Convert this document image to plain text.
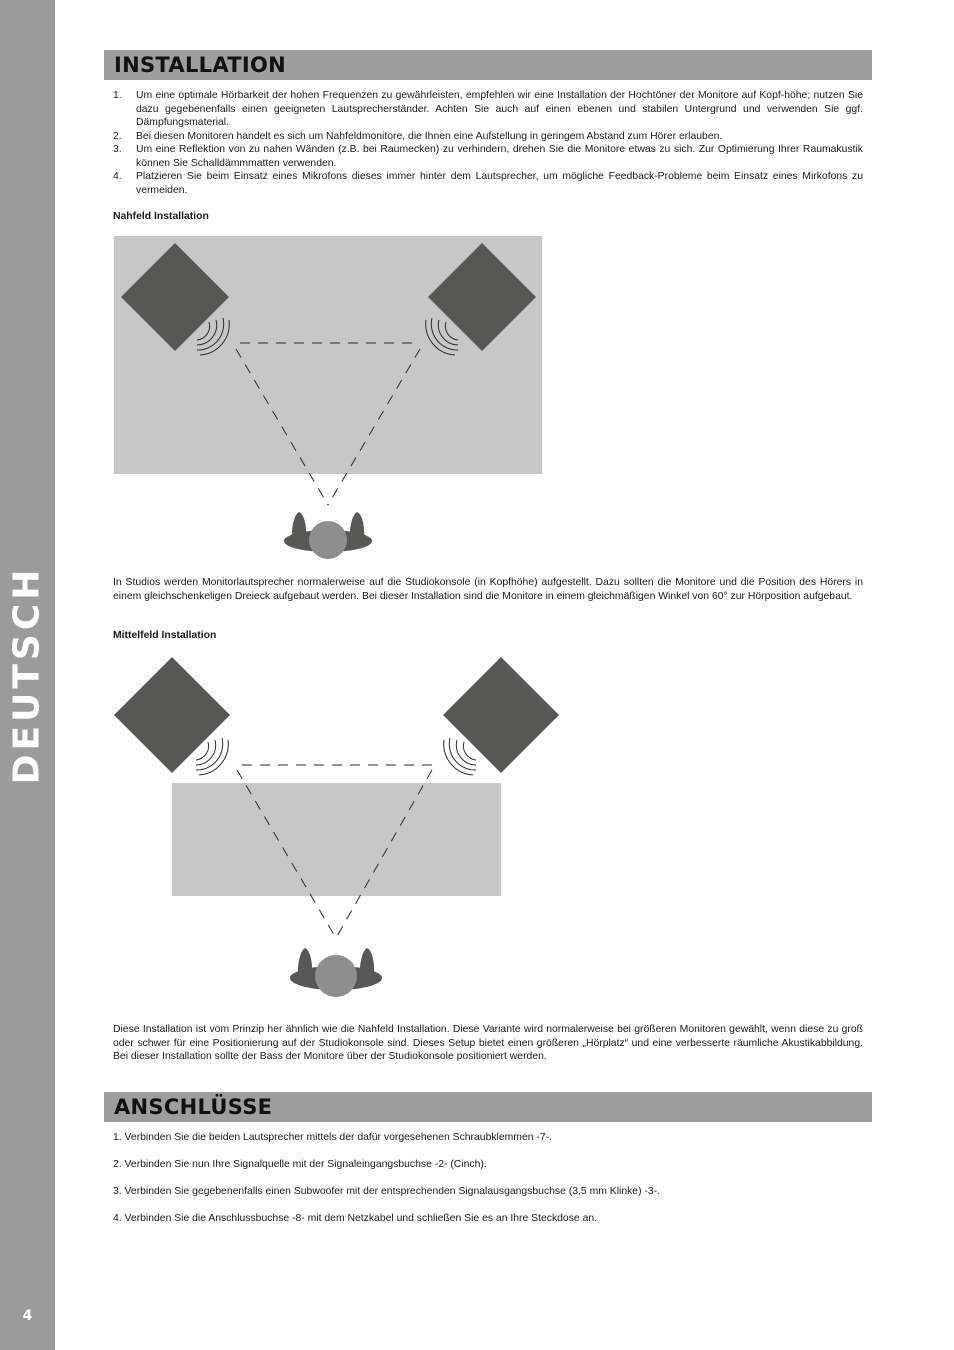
DEUTSCH
4
INSTALLATION
1. Um eine optimale Hörbarkeit der hohen Frequenzen zu gewährleisten, empfehlen wir eine Installation der Hochtöner der Monitore auf Kopf-höhe; nutzen Sie dazu gegebenenfalls einen geeigneten Lautsprecherständer. Achten Sie auch auf einen ebenen und stabilen Untergrund und verwenden Sie ggf. Dämpfungsmaterial.
2. Bei diesen Monitoren handelt es sich um Nahfeldmonitore, die Ihnen eine Aufstellung in geringem Abstand zum Hörer erlauben.
3. Um eine Reflektion von zu nahen Wänden (z.B. bei Raumecken) zu verhindern, drehen Sie die Monitore etwas zu sich. Zur Optimierung Ihrer Raumakustik können Sie Schalldämmmatten verwenden.
4. Platzieren Sie beim Einsatz eines Mikrofons dieses immer hinter dem Lautsprecher, um mögliche Feedback-Probleme beim Einsatz eines Mirkofons zu vermeiden.
Nahfeld Installation

In Studios werden Monitorlautsprecher normalerweise auf die Studiokonsole (in Kopfhöhe) aufgestellt. Dazu sollten die Monitore und die Position des Hörers in einem gleichschenkeligen Dreieck aufgebaut werden. Bei dieser Installation sind die Monitore in einem gleichmäßigen Winkel von 60° zur Hörposition aufgebaut.

Mittelfeld Installation

Diese Installation ist vom Prinzip her ähnlich wie die Nahfeld Installation. Diese Variante wird normalerweise bei größeren Monitoren gewählt, wenn diese zu groß oder schwer für eine Positionierung auf der Studiokonsole sind. Dieses Setup bietet einen größeren „Hörplatz“ und eine verbesserte räumliche Akustikabbildung. Bei dieser Installation sollte der Bass der Monitore über der Studiokonsole positioniert werden.

ANSCHLÜSSE

1. Verbinden Sie die beiden Lautsprecher mittels der dafür vorgesehenen Schraubklemmen -7-.

2. Verbinden Sie nun Ihre Signalquelle mit der Signaleingangsbuchse -2- (Cinch).

3. Verbinden Sie gegebenenfalls einen Subwoofer mit der entsprechenden Signalausgangsbuchse (3,5 mm Klinke) -3-.

4. Verbinden Sie die Anschlussbuchse -8- mit dem Netzkabel und schließen Sie es an Ihre Steckdose an.
